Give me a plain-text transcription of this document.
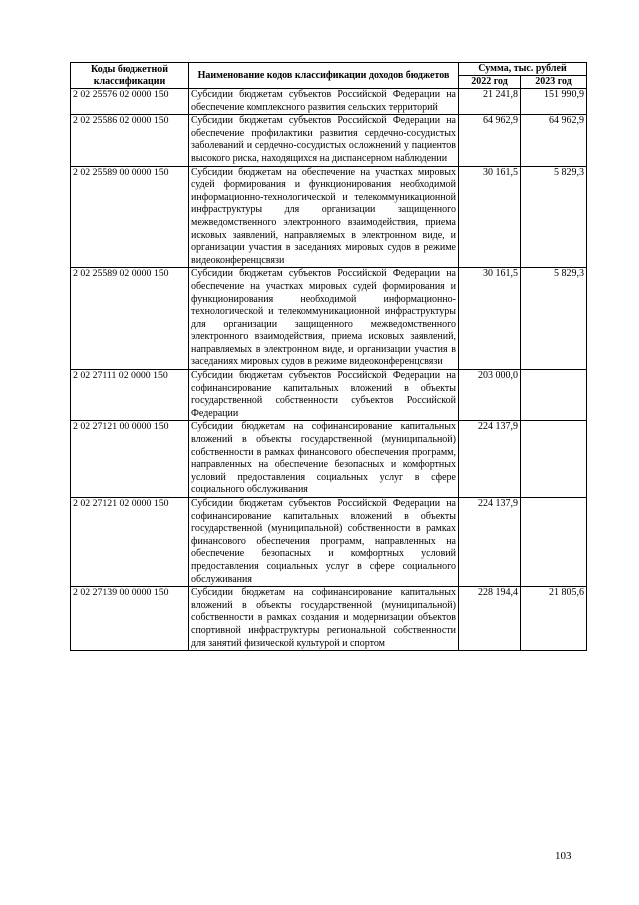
Коды бюджетной классификации	Наименование кодов классификации доходов бюджетов	Сумма, тыс. рублей	
		2022 год	2023 год
2 02 25576 02 0000 150	Субсидии бюджетам субъектов Российской Федерации на обеспечение комплексного развития сельских территорий	21 241,8	151 990,9
2 02 25586 02 0000 150	Субсидии бюджетам субъектов Российской Федерации на обеспечение профилактики развития сердечно-сосудистых заболеваний и сердечно-сосудистых осложнений у пациентов высокого риска, находящихся на диспансерном наблюдении	64 962,9	64 962,9
2 02 25589 00 0000 150	Субсидии бюджетам на обеспечение на участках мировых судей формирования и функционирования необходимой информационно-технологической и телекоммуникационной инфраструктуры для организации защищенного межведомственного электронного взаимодействия, приема исковых заявлений, направляемых в электронном виде, и организации участия в заседаниях мировых судов в режиме видеоконференцсвязи	30 161,5	5 829,3
2 02 25589 02 0000 150	Субсидии бюджетам субъектов Российской Федерации на обеспечение на участках мировых судей формирования и функционирования необходимой информационно-технологической и телекоммуникационной инфраструктуры для организации защищенного межведомственного электронного взаимодействия, приема исковых заявлений, направляемых в электронном виде, и организации участия в заседаниях мировых судов в режиме видеоконференцсвязи	30 161,5	5 829,3
2 02 27111 02 0000 150	Субсидии бюджетам субъектов Российской Федерации на софинансирование капитальных вложений в объекты государственной собственности субъектов Российской Федерации	203 000,0	
2 02 27121 00 0000 150	Субсидии бюджетам на софинансирование капитальных вложений в объекты государственной (муниципальной) собственности в рамках финансового обеспечения программ, направленных на обеспечение безопасных и комфортных условий предоставления социальных услуг в сфере социального обслуживания	224 137,9	
2 02 27121 02 0000 150	Субсидии бюджетам субъектов Российской Федерации на софинансирование капитальных вложений в объекты государственной (муниципальной) собственности в рамках финансового обеспечения программ, направленных на обеспечение безопасных и комфортных условий предоставления социальных услуг в сфере социального обслуживания	224 137,9	
2 02 27139 00 0000 150	Субсидии бюджетам на софинансирование капитальных вложений в объекты государственной (муниципальной) собственности в рамках создания и модернизации объектов спортивной инфраструктуры региональной собственности для занятий физической культурой и спортом	228 194,4	21 805,6
103
